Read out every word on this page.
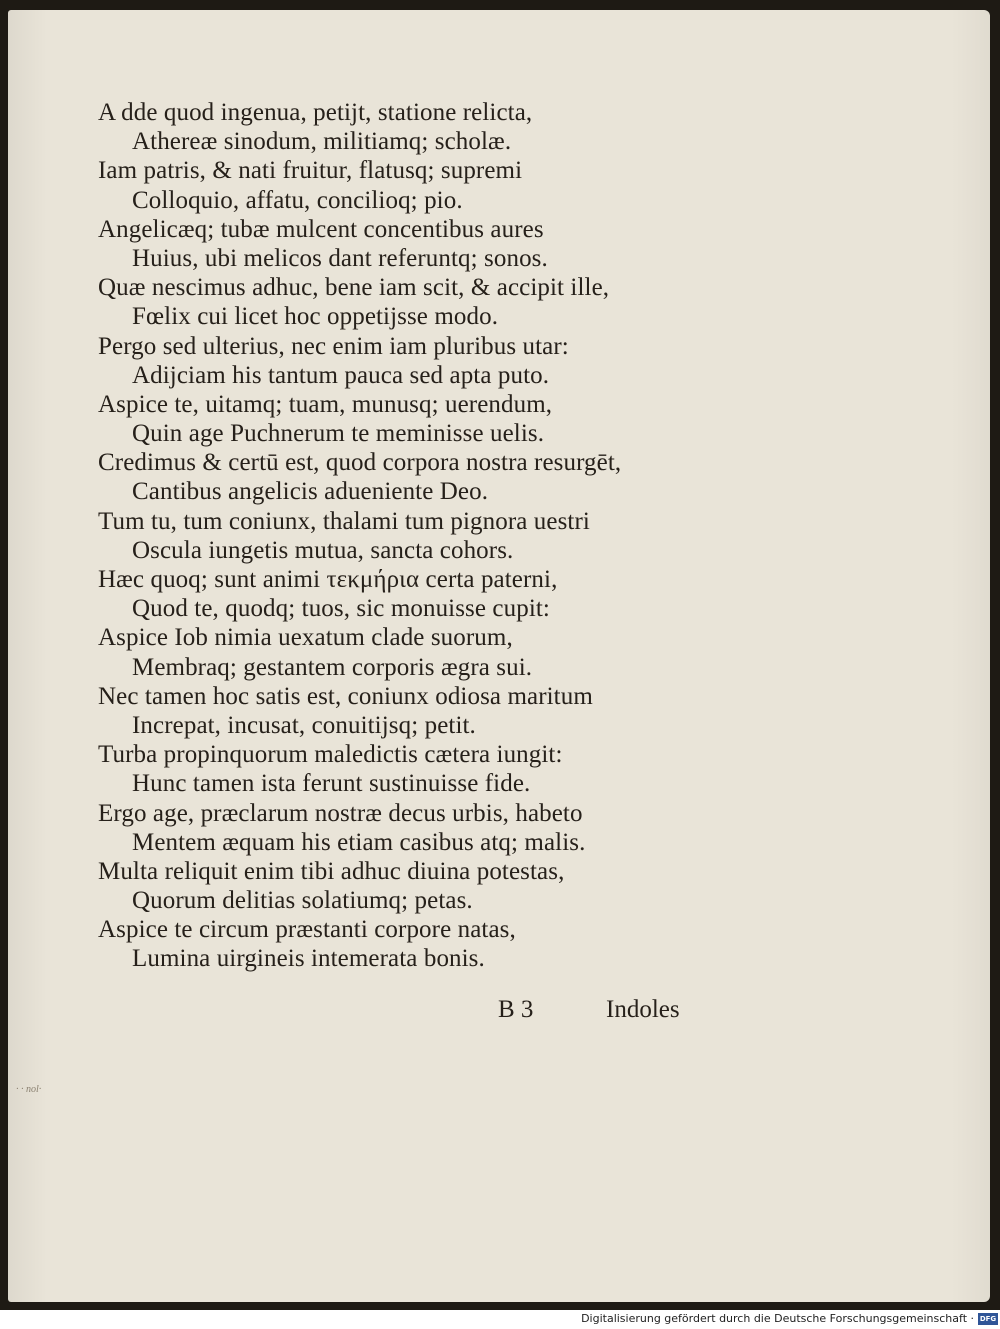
A dde quod ingenua, petijt, statione relicta,
Athereæ sinodum, militiamq; scholæ.
Iam patris, & nati fruitur, flatusq; supremi
Colloquio, affatu, concilioq; pio.
Angelicæq; tubæ mulcent concentibus aures
Huius, ubi melicos dant referuntq; sonos.
Quæ nescimus adhuc, bene iam scit, & accipit ille,
Fœlix cui licet hoc oppetijsse modo.
Pergo sed ulterius, nec enim iam pluribus utar:
Adijciam his tantum pauca sed apta puto.
Aspice te, uitamq; tuam, munusq; uerendum,
Quin age Puchnerum te meminisse uelis.
Credimus & certū est, quod corpora nostra resurgēt,
Cantibus angelicis adueniente Deo.
Tum tu, tum coniunx, thalami tum pignora uestri
Oscula iungetis mutua, sancta cohors.
Hæc quoq; sunt animi τεκμήρια certa paterni,
Quod te, quodq; tuos, sic monuisse cupit:
Aspice Iob nimia uexatum clade suorum,
Membraq; gestantem corporis ægra sui.
Nec tamen hoc satis est, coniunx odiosa maritum
Increpat, incusat, conuitijsq; petit.
Turba propinquorum maledictis cætera iungit:
Hunc tamen ista ferunt sustinuisse fide.
Ergo age, præclarum nostræ decus urbis, habeto
Mentem æquam his etiam casibus atq; malis.
Multa reliquit enim tibi adhuc diuina potestas,
Quorum delitias solatiumq; petas.
Aspice te circum præstanti corpore natas,
Lumina uirgineis intemerata bonis.
B 3	Indoles
· · nol·
Digitalisierung gefördert durch die Deutsche Forschungsgemeinschaft · DFG
